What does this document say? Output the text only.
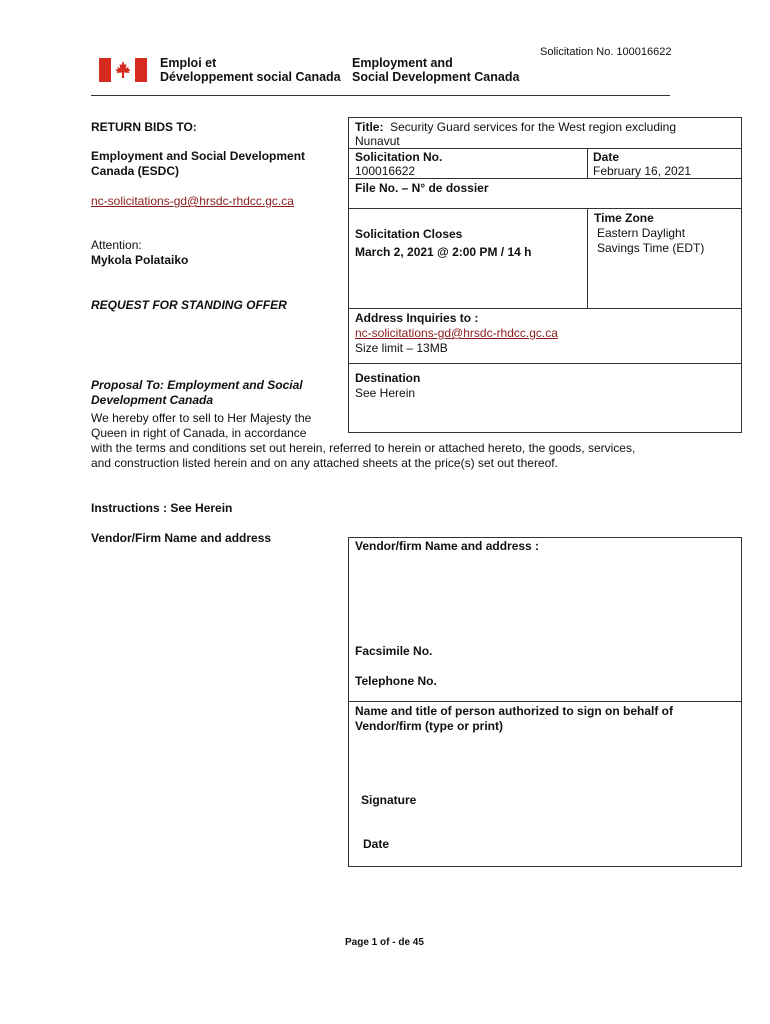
Solicitation No. 100016622
Emploi et
Développement social Canada
Employment and
Social Development Canada
RETURN BIDS TO:
Employment and Social Development
Canada (ESDC)
nc-solicitations-gd@hrsdc-rhdcc.gc.ca
Attention:
Mykola Polataiko
REQUEST FOR STANDING OFFER
Proposal To: Employment and Social
Development Canada
We hereby offer to sell to Her Majesty the
Queen in right of Canada, in accordance
with the terms and conditions set out herein, referred to herein or attached hereto, the goods, services,
and construction listed herein and on any attached sheets at the price(s) set out thereof.
Instructions : See Herein
Vendor/Firm Name and address
Title: Security Guard services for the West region excluding
Nunavut
Solicitation No.
100016622
Date
February 16, 2021
File No. – N° de dossier
Solicitation Closes
March 2, 2021 @ 2:00 PM / 14 h
Time Zone
Eastern Daylight
Savings Time (EDT)
Address Inquiries to :
nc-solicitations-gd@hrsdc-rhdcc.gc.ca
Size limit – 13MB
Destination
See Herein
Vendor/firm Name and address :
Facsimile No.
Telephone No.
Name and title of person authorized to sign on behalf of
Vendor/firm (type or print)
Signature
Date
Page 1 of - de 45
